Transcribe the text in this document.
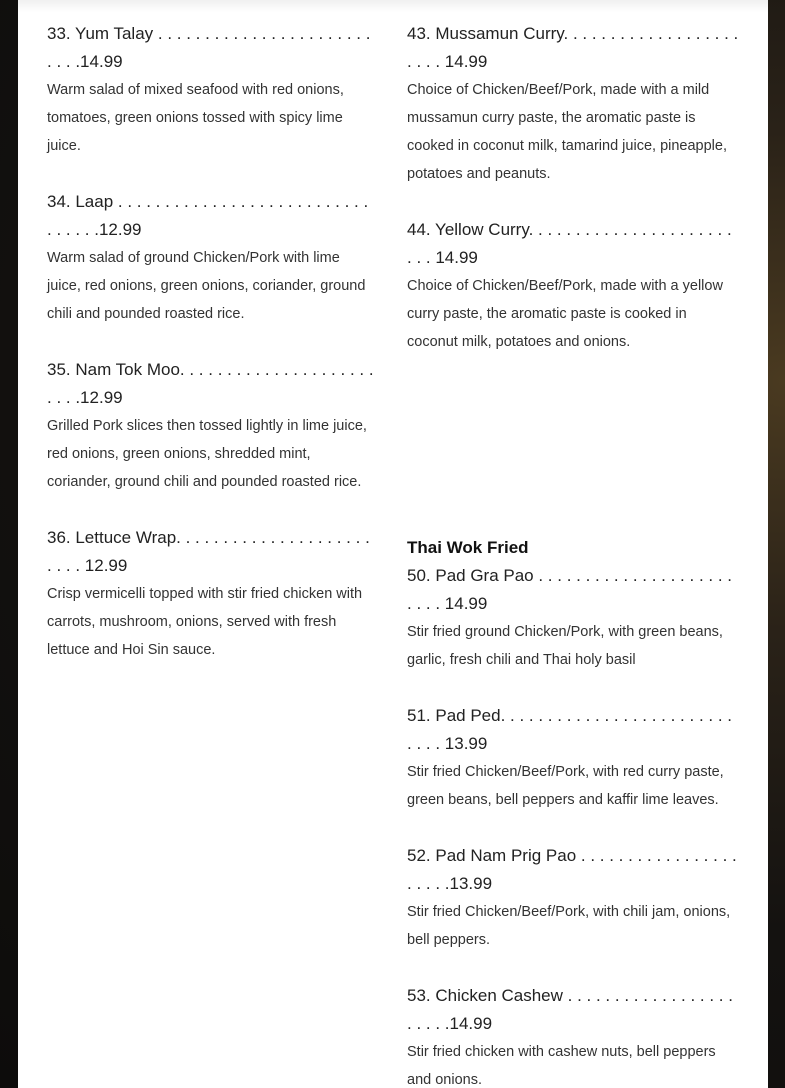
33. Yum Talay . . . . . . . . . . . . . . . . . . . . . . . . . . .14.99

Warm salad of mixed seafood with red onions, tomatoes, green onions tossed with spicy lime juice.

34. Laap . . . . . . . . . . . . . . . . . . . . . . . . . . . . . . . . .12.99

Warm salad of ground Chicken/Pork with lime juice, red onions, green onions, coriander, ground chili and pounded roasted rice.

35. Nam Tok Moo. . . . . . . . . . . . . . . . . . . . . . . . .12.99

Grilled Pork slices then tossed lightly in lime juice, red onions, green onions, shredded mint, coriander, ground chili and pounded roasted rice.

36. Lettuce Wrap. . . . . . . . . . . . . . . . . . . . . . . . . 12.99

Crisp vermicelli topped with stir fried chicken with carrots, mushroom, onions, served with fresh lettuce and Hoi Sin sauce.

43. Mussamun Curry. . . . . . . . . . . . . . . . . . . . . . . 14.99

Choice of Chicken/Beef/Pork, made with a mild mussamun curry paste, the aromatic paste is cooked in coconut milk, tamarind juice, pineapple, potatoes and peanuts.

44. Yellow Curry. . . . . . . . . . . . . . . . . . . . . . . . . 14.99

Choice of Chicken/Beef/Pork, made with a yellow curry paste, the aromatic paste is cooked in coconut milk, potatoes and onions.

Thai Wok Fried

50. Pad Gra Pao . . . . . . . . . . . . . . . . . . . . . . . . . 14.99

Stir fried ground Chicken/Pork, with green beans, garlic, fresh chili and Thai holy basil

51. Pad Ped. . . . . . . . . . . . . . . . . . . . . . . . . . . . . 13.99

Stir fried Chicken/Beef/Pork, with red curry paste, green beans, bell peppers and kaffir lime leaves.

52. Pad Nam Prig Pao . . . . . . . . . . . . . . . . . . . . . .13.99

Stir fried Chicken/Beef/Pork, with chili jam, onions, bell peppers.

53. Chicken Cashew . . . . . . . . . . . . . . . . . . . . . . .14.99

Stir fried chicken with cashew nuts, bell peppers and onions.
